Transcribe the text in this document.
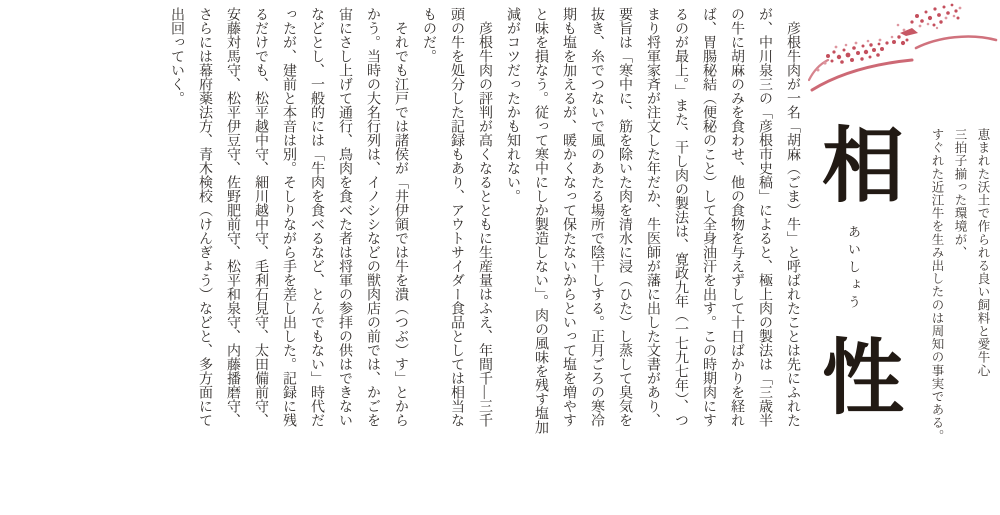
恵まれた沃土で作られる良い飼料と愛牛心
三拍子揃った環境が、
すぐれた近江牛を生み出したのは周知の事実である。
相
あいしょう
性

彦根牛肉が一名「胡麻（ごま）牛」と呼ばれたことは先にふれたが、中川泉三の「彦根市史稿」によると、極上肉の製法は「三歳半の牛に胡麻のみを食わせ、他の食物を与えずして十日ばかりを経れば、胃腸秘結（便秘のこと）して全身油汗を出す。この時期肉にするのが最上。」また、干し肉の製法は、寛政九年（一七九七年）、つまり将軍家斉が注文した年だか、牛医師が藩に出した文書があり、要旨は「寒中に、筋を除いた肉を清水に浸（ひた）し蒸して臭気を抜き、糸でつないで風のあたる場所で陰干しする。正月ごろの寒冷期も塩を加えるが、暖かくなって保たないからといって塩を増やすと味を損なう。従って寒中にしか製造しない」。肉の風味を残す塩加減がコツだったかも知れない。

彦根牛肉の評判が高くなるとともに生産量はふえ、年間千―三千頭の牛を処分した記録もあり、アウトサイダー食品としては相当なものだ。

それでも江戸では諸侯が「井伊領では牛を潰（つぶ）す」とからかう。当時の大名行列は、イノシシなどの獣肉店の前では、かごを宙にさし上げて通行、鳥肉を食べた者は将軍の参拝の供はできないなどとし、一般的には「牛肉を食べるなど、とんでもない」時代だったが、建前と本音は別。そしりながら手を差し出した。記録に残るだけでも、松平越中守、細川越中守、毛利石見守、太田備前守、安藤対馬守、松平伊豆守、佐野肥前守、松平和泉守、内藤播磨守、さらには幕府薬法方、青木検校（けんぎょう）などと、多方面にて出回っていく。
